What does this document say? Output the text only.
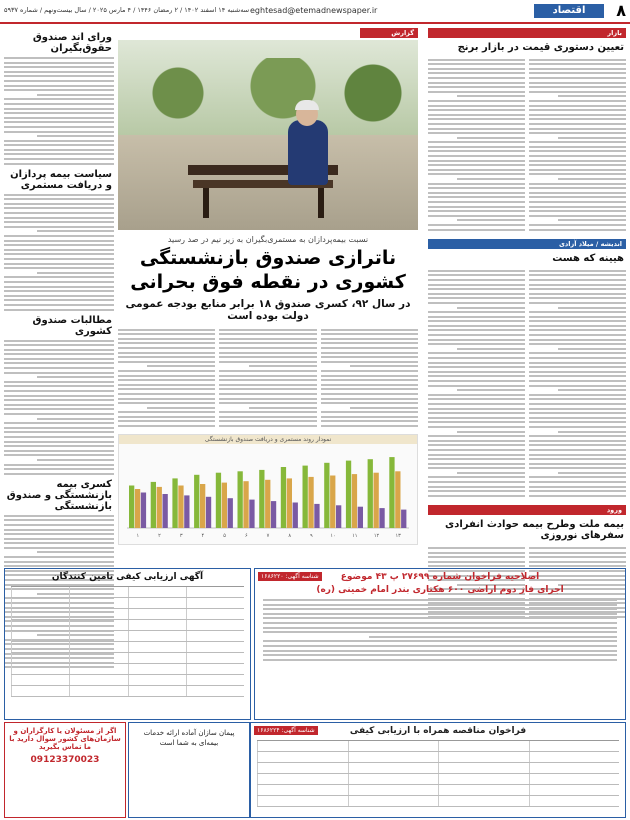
۸
اقتصاد
eghtesad@etemadnewspaper.ir
سه‌شنبه ۱۴ اسفند ۱۴۰۲ / ۲ رمضان ۱۴۴۶ / ۴ مارس ۲۰۲۵ / سال بیست‌ونهم / شماره ۵۹۳۷
بازار
تعیین دستوری قیمت در بازار برنج
اندیشه / میلاد آزادی
هیینه که هست
ورود
بیمه ملت وطرح بیمه حوادث انفرادی سفرهای نوروزی
گزارش
نسبت بیمه‌پردازان به مستمری‌بگیران به زیر نیم در صد رسید
ناترازی صندوق بازنشستگی کشوری در نقطه فوق بحرانی
در سال ۹۲، کسری صندوق ۱۸ برابر منابع بودجه عمومی دولت بوده است
نمودار روند مستمری و دریافت صندوق بازنشستگی
۱	۲	۳	۴	۵	۶	۷	۸	۹	۱۰	۱۱	۱۲	۱۳
ورای اند صندوق حقوق‌بگیران
سیاست بیمه پردازان و دریافت مستمری
مطالبات صندوق کشوری
کسری بیمه بازنشستگی و صندوق بازنشستگی
آگهی ارزیابی کیفی تامین کنندگان	شناسه آگهی: ۱۶۸۶۲۲۰	اصلاحیه فراخوان شماره ۲۷۶۹۹ پ ۴۳ موضوع
اجرای فاز دوم اراضی ۶۰۰ هکتاری بندر امام خمینی (ره)
اگر از مسئولان یا کارگزاران و سازمان‌های کشور سوال دارید با ما تماس بگیرید
09123370023
پیمان سازان آماده ارائه خدمات بیمه‌ای به شما است
شناسه آگهی: ۱۶۸۶۲۲۴	فراخوان مناقصه همراه با ارزیابی کیفی
